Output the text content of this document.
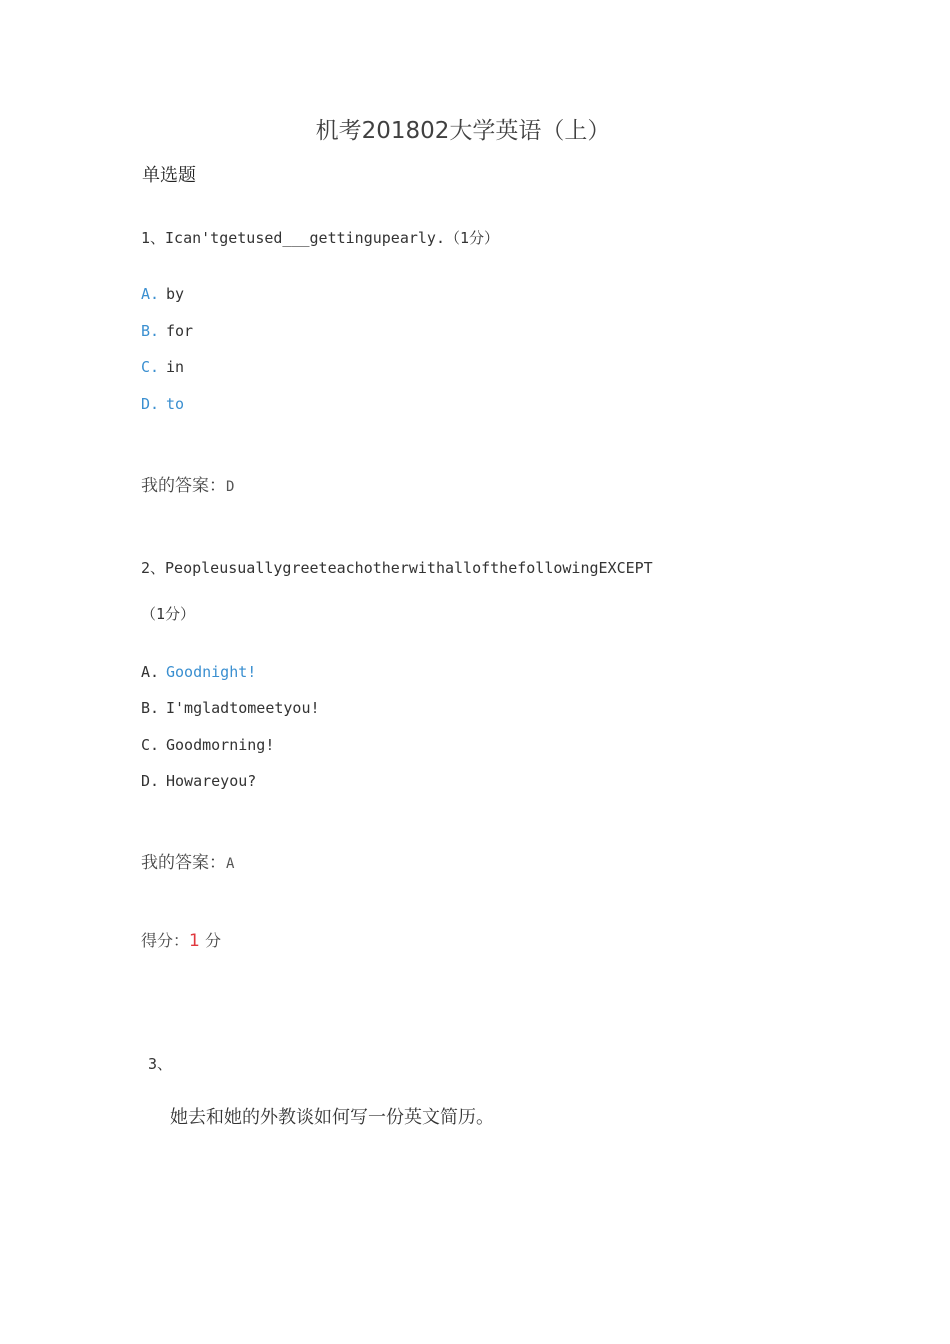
机考201802大学英语（上）
单选题
1、Ican'tgetused___gettingupearly.（1分）
A. by
B. for
C. in
D. to
我的答案：D
2、PeopleusuallygreeteachotherwithallofthefollowingEXCEPT
（1分）
A. Goodnight!
B. I'mgladtomeetyou!
C. Goodmorning!
D. Howareyou?
我的答案：A
得分：1 分
3、
她去和她的外教谈如何写一份英文简历。
